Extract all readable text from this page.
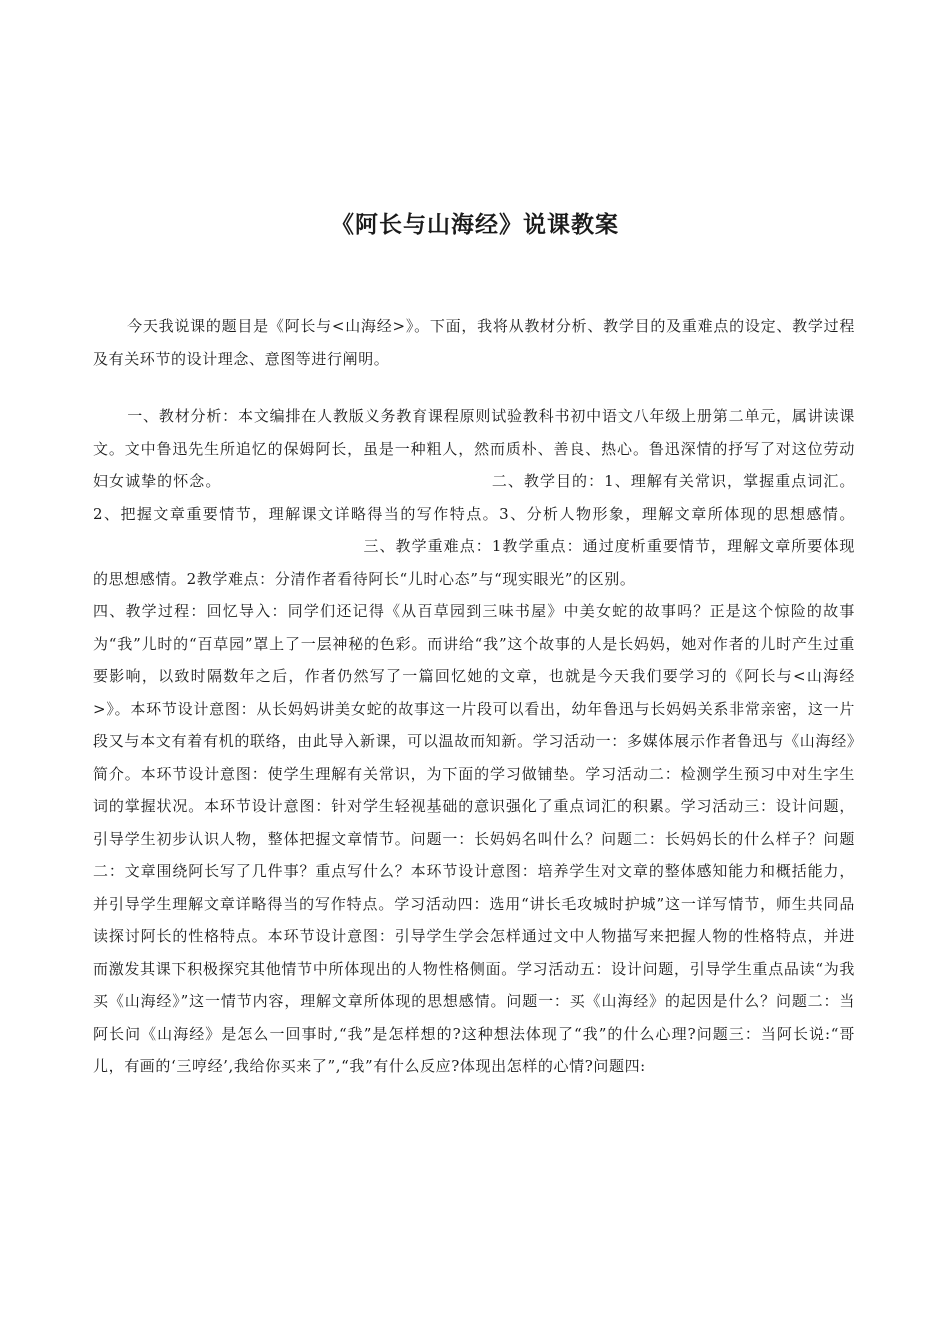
《阿长与山海经》说课教案

今天我说课的题目是《阿长与<山海经>》。下面，我将从教材分析、教学目的及重难点的设定、教学过程及有关环节的设计理念、意图等进行阐明。

一、教材分析：本文编排在人教版义务教育课程原则试验教科书初中语文八年级上册第二单元，属讲读课文。文中鲁迅先生所追忆的保姆阿长，虽是一种粗人，然而质朴、善良、热心。鲁迅深情的抒写了对这位劳动妇女诚挚的怀念。	二、教学目的：1、理解有关常识，掌握重点词汇。2、把握文章重要情节，理解课文详略得当的写作特点。3、分析人物形象，理解文章所体现的思想感情。三、教学重难点：1教学重点：通过度析重要情节，理解文章所要体现的思想感情。2教学难点：分清作者看待阿长“儿时心态”与“现实眼光”的区别。
四、教学过程：回忆导入：同学们还记得《从百草园到三味书屋》中美女蛇的故事吗？正是这个惊险的故事为“我”儿时的“百草园”罩上了一层神秘的色彩。而讲给“我”这个故事的人是长妈妈，她对作者的儿时产生过重要影响，以致时隔数年之后，作者仍然写了一篇回忆她的文章，也就是今天我们要学习的《阿长与<山海经>》。本环节设计意图：从长妈妈讲美女蛇的故事这一片段可以看出，幼年鲁迅与长妈妈关系非常亲密，这一片段又与本文有着有机的联络，由此导入新课，可以温故而知新。学习活动一：多媒体展示作者鲁迅与《山海经》简介。本环节设计意图：使学生理解有关常识，为下面的学习做铺垫。学习活动二：检测学生预习中对生字生词的掌握状况。本环节设计意图：针对学生轻视基础的意识强化了重点词汇的积累。学习活动三：设计问题，引导学生初步认识人物，整体把握文章情节。问题一：长妈妈名叫什么？问题二：长妈妈长的什么样子？问题二：文章围绕阿长写了几件事？重点写什么？本环节设计意图：培养学生对文章的整体感知能力和概括能力，并引导学生理解文章详略得当的写作特点。学习活动四：选用“讲长毛攻城时护城”这一详写情节，师生共同品读探讨阿长的性格特点。本环节设计意图：引导学生学会怎样通过文中人物描写来把握人物的性格特点，并进而激发其课下积极探究其他情节中所体现出的人物性格侧面。学习活动五：设计问题，引导学生重点品读“为我买《山海经》”这一情节内容，理解文章所体现的思想感情。问题一：买《山海经》的起因是什么？问题二：当阿长问《山海经》是怎么一回事时,“我”是怎样想的?这种想法体现了“我”的什么心理?问题三：当阿长说:“哥儿，有画的‘三哼经’,我给你买来了”,“我”有什么反应?体现出怎样的心情?问题四:
